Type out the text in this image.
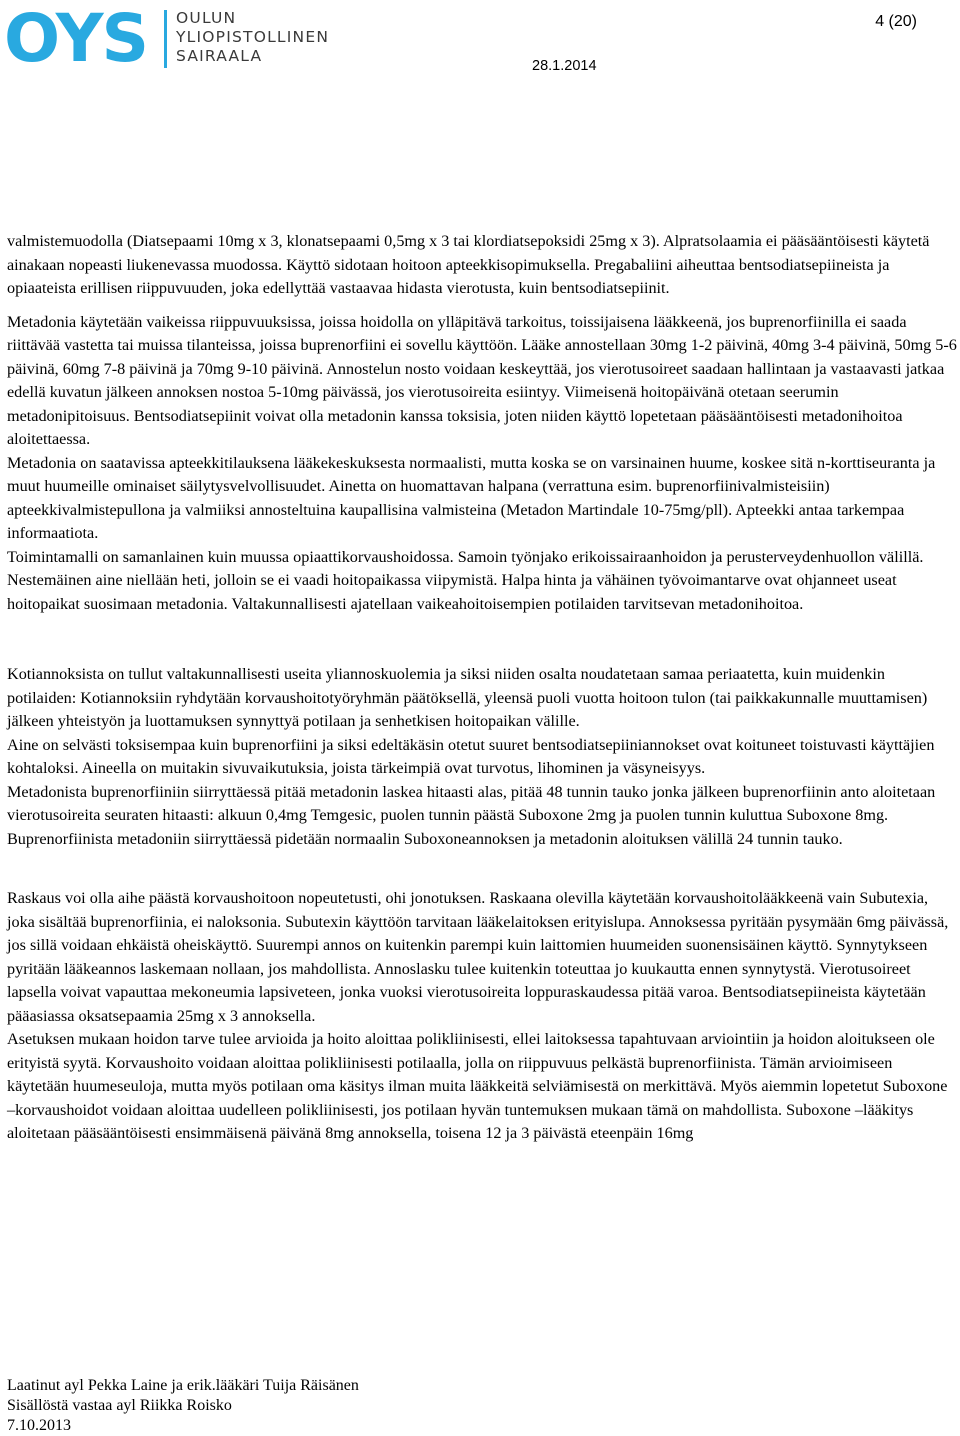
OYS OULUN
YLIOPISTOLLINEN
SAIRAALA
4 (20)
28.1.2014

valmistemuodolla (Diatsepaami 10mg x 3, klonatsepaami 0,5mg x 3 tai klordiatsepoksidi 25mg x 3). Alpratsolaamia ei pääsääntöisesti käytetä ainakaan nopeasti liukenevassa muodossa. Käyttö sidotaan hoitoon apteekkisopimuksella. Pregabaliini aiheuttaa bentsodiatsepiineista ja opiaateista erillisen riippuvuuden, joka edellyttää vastaavaa hidasta vierotusta, kuin bentsodiatsepiinit.

Metadonia käytetään vaikeissa riippuvuuksissa, joissa hoidolla on ylläpitävä tarkoitus, toissijaisena lääkkeenä, jos buprenorfiinilla ei saada riittävää vastetta tai muissa tilanteissa, joissa buprenorfiini ei sovellu käyttöön. Lääke annostellaan 30mg 1-2 päivinä, 40mg 3-4 päivinä, 50mg 5-6 päivinä, 60mg 7-8 päivinä ja 70mg 9-10 päivinä. Annostelun nosto voidaan keskeyttää, jos vierotusoireet saadaan hallintaan ja vastaavasti jatkaa edellä kuvatun jälkeen annoksen nostoa 5-10mg päivässä, jos vierotusoireita esiintyy. Viimeisenä hoitopäivänä otetaan seerumin metadonipitoisuus. Bentsodiatsepiinit voivat olla metadonin kanssa toksisia, joten niiden käyttö lopetetaan pääsääntöisesti metadonihoitoa aloitettaessa.

Metadonia on saatavissa apteekkitilauksena lääkekeskuksesta normaalisti, mutta koska se on varsinainen huume, koskee sitä n-korttiseuranta ja muut huumeille ominaiset säilytysvelvollisuudet. Ainetta on huomattavan halpana (verrattuna esim. buprenorfiinivalmisteisiin) apteekkivalmistepullona ja valmiiksi annosteltuina kaupallisina valmisteina (Metadon Martindale 10-75mg/pll). Apteekki antaa tarkempaa informaatiota.

Toimintamalli on samanlainen kuin muussa opiaattikorvaushoidossa. Samoin työnjako erikoissairaanhoidon ja perusterveydenhuollon välillä.

Nestemäinen aine niellään heti, jolloin se ei vaadi hoitopaikassa viipymistä. Halpa hinta ja vähäinen työvoimantarve ovat ohjanneet useat hoitopaikat suosimaan metadonia. Valtakunnallisesti ajatellaan vaikeahoitoisempien potilaiden tarvitsevan metadonihoitoa.

Kotiannoksista on tullut valtakunnallisesti useita yliannoskuolemia ja siksi niiden osalta noudatetaan samaa periaatetta, kuin muidenkin potilaiden: Kotiannoksiin ryhdytään korvaushoitotyöryhmän päätöksellä, yleensä puoli vuotta hoitoon tulon (tai paikkakunnalle muuttamisen) jälkeen yhteistyön ja luottamuksen synnyttyä potilaan ja senhetkisen hoitopaikan välille.

Aine on selvästi toksisempaa kuin buprenorfiini ja siksi edeltäkäsin otetut suuret bentsodiatsepiiniannokset ovat koituneet toistuvasti käyttäjien kohtaloksi. Aineella on muitakin sivuvaikutuksia, joista tärkeimpiä ovat turvotus, lihominen ja väsyneisyys.

Metadonista buprenorfiiniin siirryttäessä pitää metadonin laskea hitaasti alas, pitää 48 tunnin tauko jonka jälkeen buprenorfiinin anto aloitetaan vierotusoireita seuraten hitaasti: alkuun 0,4mg Temgesic, puolen tunnin päästä Suboxone 2mg ja puolen tunnin kuluttua Suboxone 8mg. Buprenorfiinista metadoniin siirryttäessä pidetään normaalin Suboxoneannoksen ja metadonin aloituksen välillä 24 tunnin tauko.

Raskaus voi olla aihe päästä korvaushoitoon nopeutetusti, ohi jonotuksen. Raskaana olevilla käytetään korvaushoitolääkkeenä vain Subutexia, joka sisältää buprenorfiinia, ei naloksonia. Subutexin käyttöön tarvitaan lääkelaitoksen erityislupa. Annoksessa pyritään pysymään 6mg päivässä, jos sillä voidaan ehkäistä oheiskäyttö. Suurempi annos on kuitenkin parempi kuin laittomien huumeiden suonensisäinen käyttö. Synnytykseen pyritään lääkeannos laskemaan nollaan, jos mahdollista. Annoslasku tulee kuitenkin toteuttaa jo kuukautta ennen synnytystä. Vierotusoireet lapsella voivat vapauttaa mekoneumia lapsiveteen, jonka vuoksi vierotusoireita loppuraskaudessa pitää varoa. Bentsodiatsepiineista käytetään pääasiassa oksatsepaamia 25mg x 3 annoksella.

Asetuksen mukaan hoidon tarve tulee arvioida ja hoito aloittaa polikliinisesti, ellei laitoksessa tapahtuvaan arviointiin ja hoidon aloitukseen ole erityistä syytä. Korvaushoito voidaan aloittaa polikliinisesti potilaalla, jolla on riippuvuus pelkästä buprenorfiinista. Tämän arvioimiseen käytetään huumeseuloja, mutta myös potilaan oma käsitys ilman muita lääkkeitä selviämisestä on merkittävä. Myös aiemmin lopetetut Suboxone –korvaushoidot voidaan aloittaa uudelleen polikliinisesti, jos potilaan hyvän tuntemuksen mukaan tämä on mahdollista. Suboxone –lääkitys aloitetaan pääsääntöisesti ensimmäisenä päivänä 8mg annoksella, toisena 12 ja 3 päivästä eteenpäin 16mg

Laatinut ayl Pekka Laine ja erik.lääkäri Tuija Räisänen
Sisällöstä vastaa ayl Riikka Roisko
7.10.2013
